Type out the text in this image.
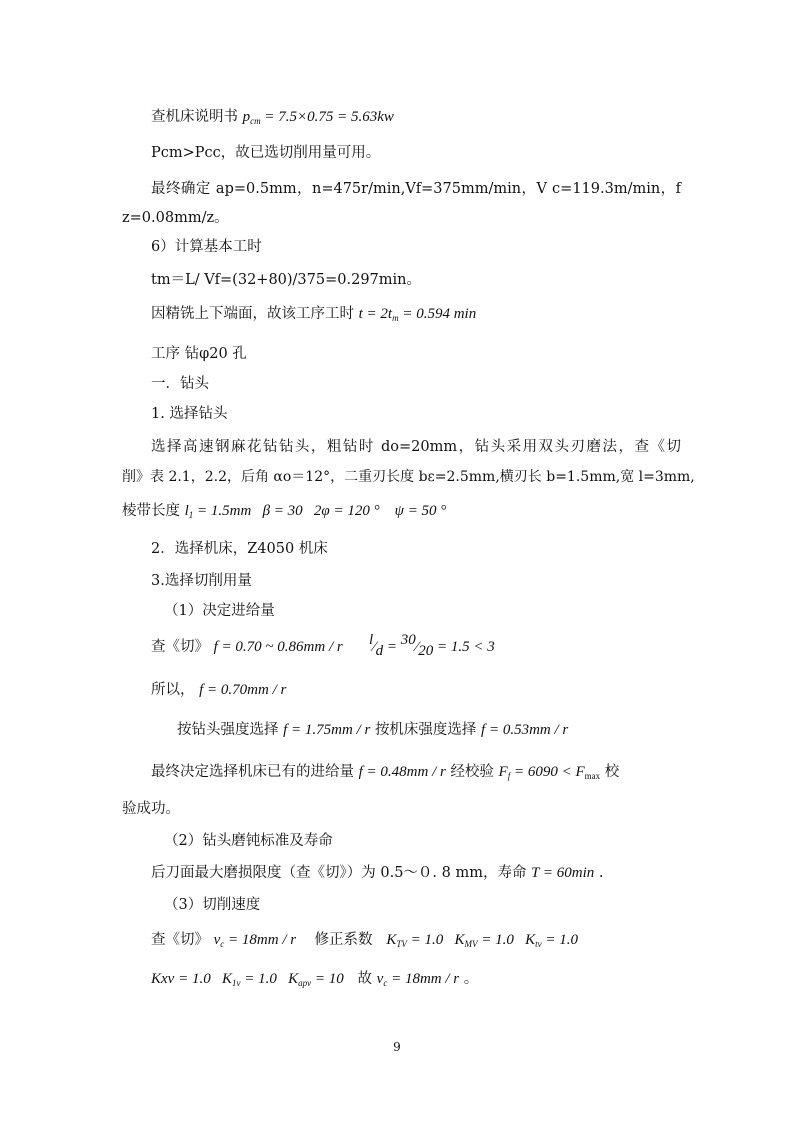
查机床说明书 $p_{cm} = 7.5\times 0.75 = 5.63kw$
Pcm>Pcc，故已选切削用量可用。
最终确定 ap=0.5mm，n=475r/min,Vf=375mm/min，V c=119.3m/min，f
z=0.08mm/z。
6）计算基本工时
tm＝L/ Vf=(32+80)/375=0.297min。
因精铣上下端面，故该工序工时 $t = 2t_m = 0.594$ min
工序 钻φ20 孔
一．钻头
1. 选择钻头
选择高速钢麻花钻钻头，粗钻时 do=20mm，钻头采用双头刃磨法，查《切
削》表 2.1，2.2，后角 αo＝12°，二重刃长度 bε=2.5mm,横刃长 b=1.5mm,宽 l=3mm,
棱带长度 $l_1 = 1.5mm$   β = 30 2φ = 120 °    ψ = 50 °
2．选择机床，Z4050 机床
3.选择切削用量
（1）决定进给量
查《切》 f = 0.70 ~ 0.86mm / r       l⁄d = 30⁄20 = 1.5 < 3
所以， f = 0.70mm / r
按钻头强度选择 f = 1.75mm / r 按机床强度选择 f = 0.53mm / r
最终决定选择机床已有的进给量 f = 0.48mm / r 经校验 $F_f = 6090 < F_{max}$ 校
验成功。
（2）钻头磨钝标准及寿命
后刀面最大磨损限度（查《切》）为 0.5～０. 8 mm，寿命 T = 60min .
（3）切削速度
查《切》 $v_c = 18mm / r$    修正系数   $K_{TV} = 1.0$   $K_{MV} = 1.0$   $K_{tv} = 1.0$
Kxv = 1.0   $K_{1v} = 1.0$   $K_{apv} = 10$   故 $v_c = 18mm / r$ 。
9
